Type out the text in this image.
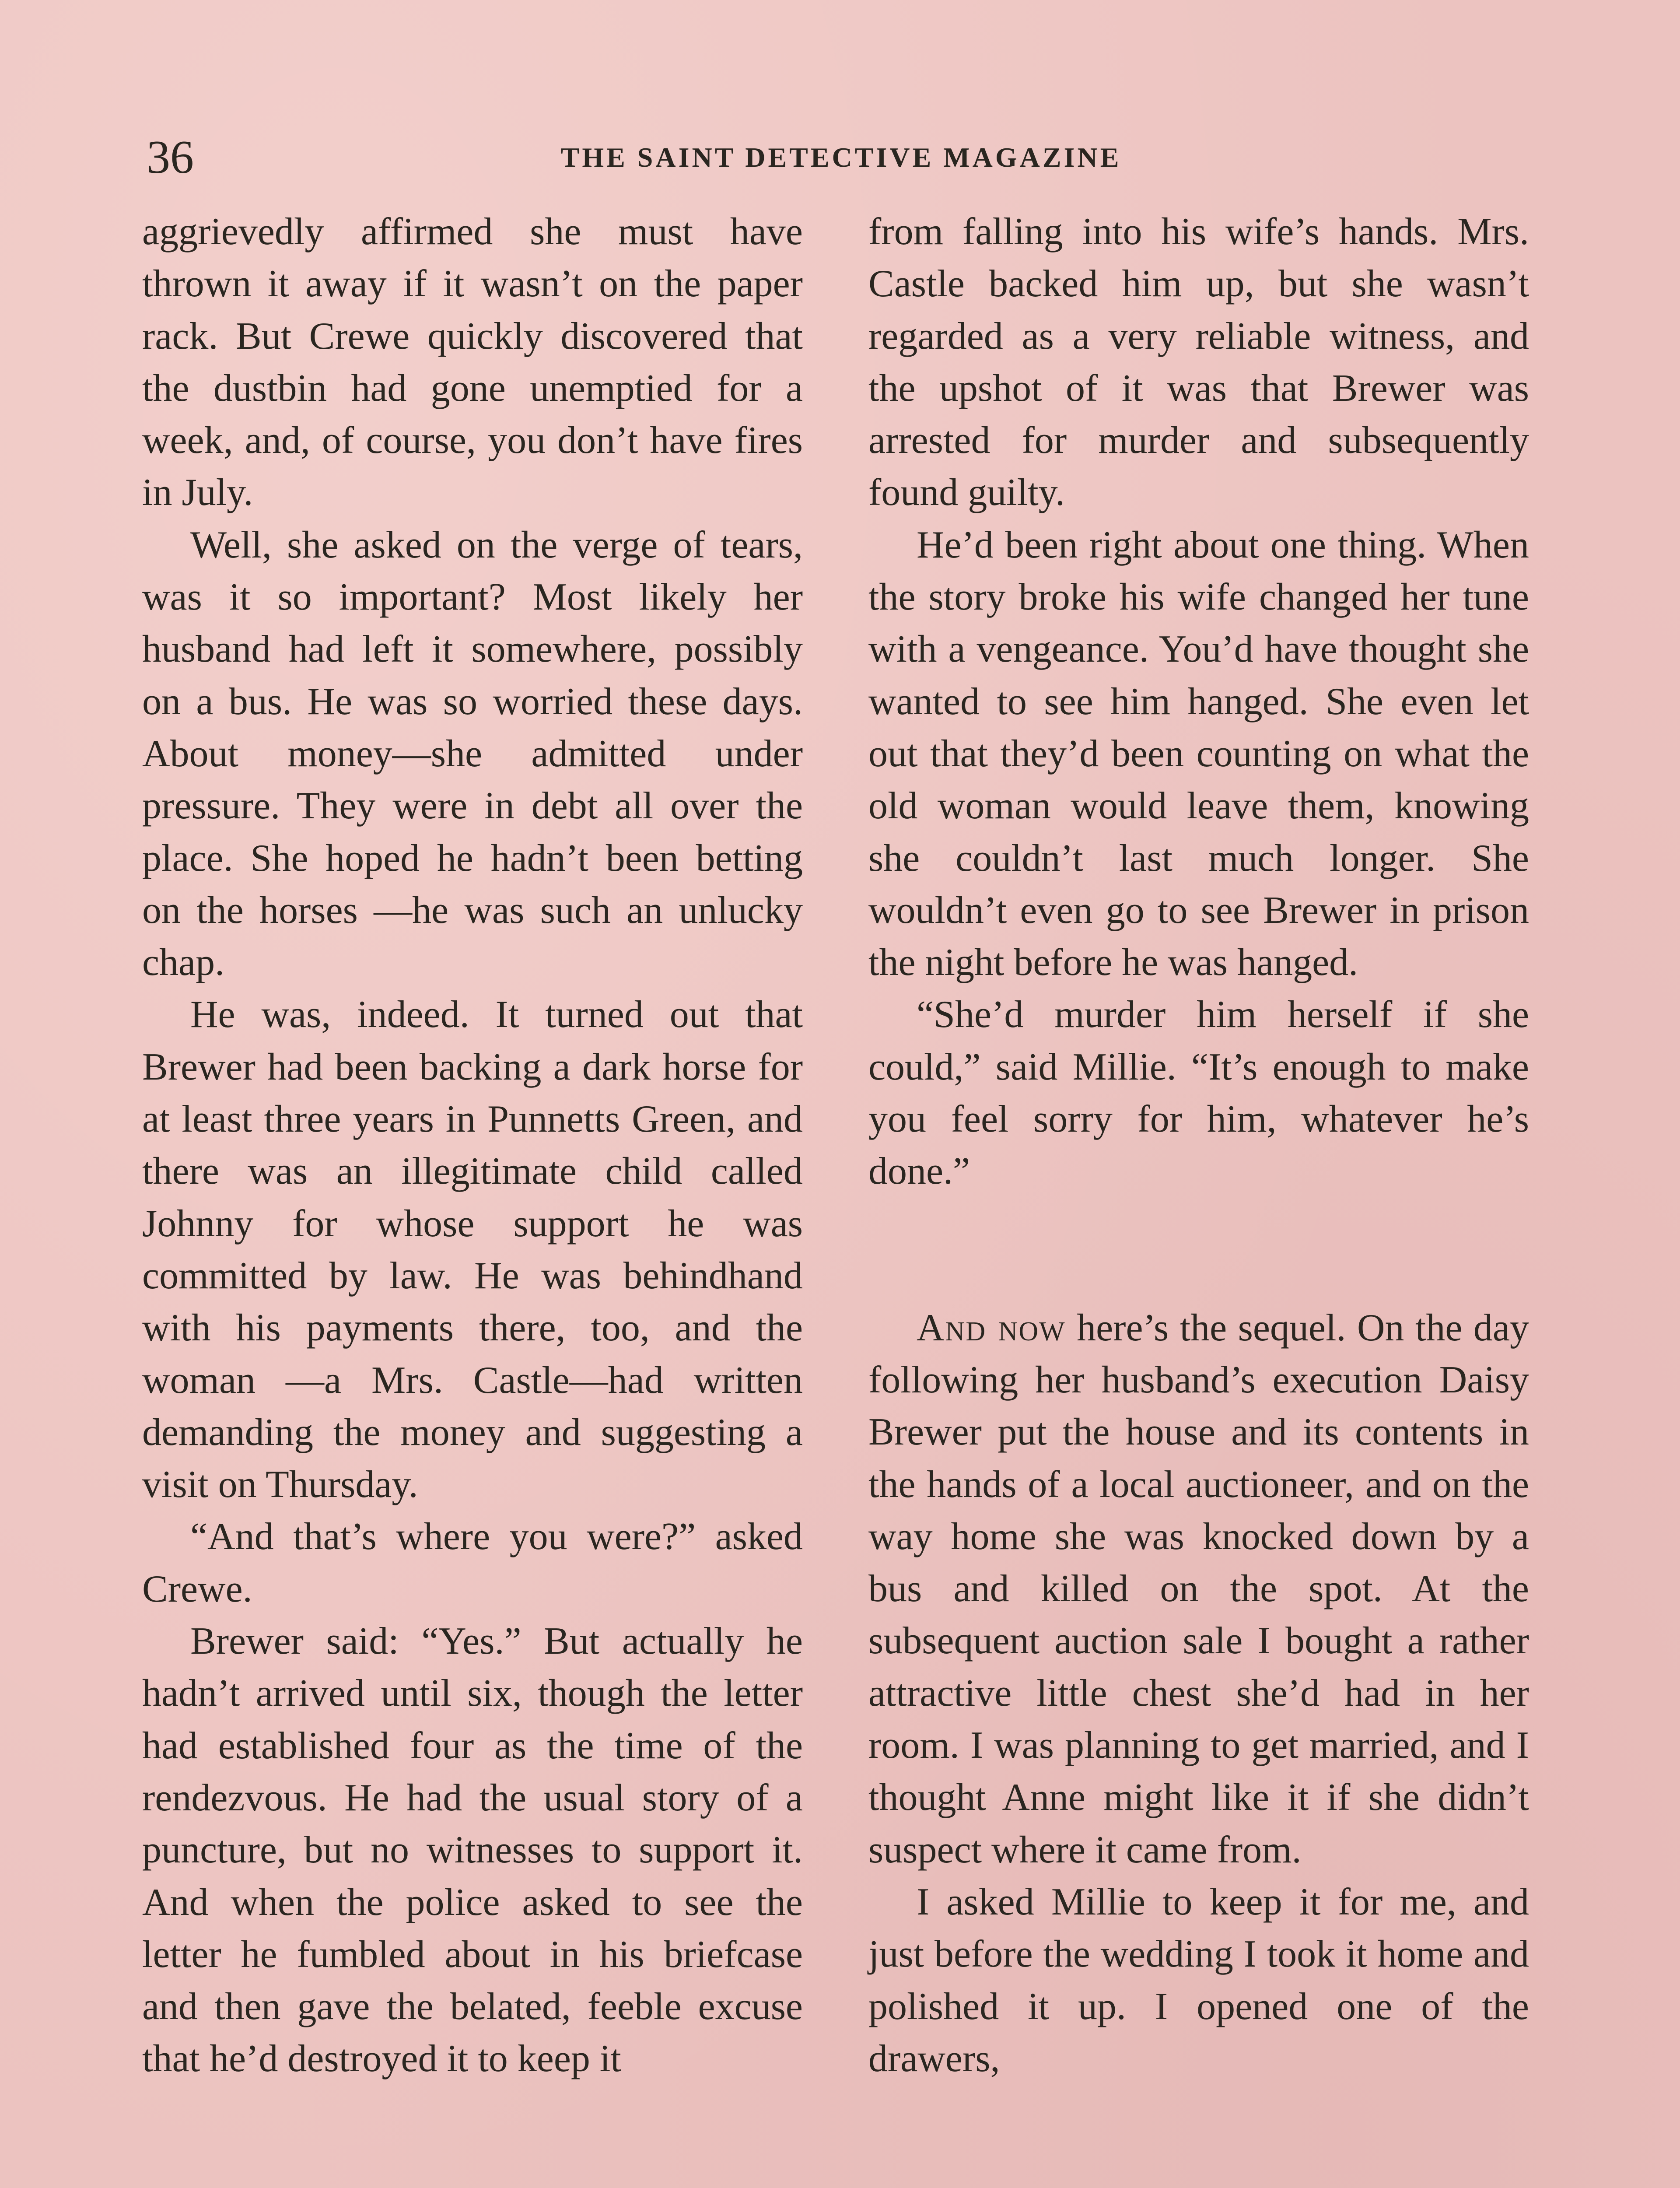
36	THE SAINT DETECTIVE MAGAZINE

aggrievedly affirmed she must have thrown it away if it wasn’t on the paper rack. But Crewe quickly discovered that the dustbin had gone unemptied for a week, and, of course, you don’t have fires in July.

Well, she asked on the verge of tears, was it so important? Most likely her husband had left it somewhere, possibly on a bus. He was so worried these days. About money—she admitted under pressure. They were in debt all over the place. She hoped he hadn’t been betting on the horses —he was such an unlucky chap.

He was, indeed. It turned out that Brewer had been backing a dark horse for at least three years in Punnetts Green, and there was an illegitimate child called Johnny for whose support he was committed by law. He was behindhand with his payments there, too, and the woman —a Mrs. Castle—had written demanding the money and suggesting a visit on Thursday.

“And that’s where you were?” asked Crewe.

Brewer said: “Yes.” But actually he hadn’t arrived until six, though the letter had established four as the time of the rendezvous. He had the usual story of a puncture, but no witnesses to support it. And when the police asked to see the letter he fumbled about in his briefcase and then gave the belated, feeble excuse that he’d destroyed it to keep it

from falling into his wife’s hands. Mrs. Castle backed him up, but she wasn’t regarded as a very reliable witness, and the upshot of it was that Brewer was arrested for murder and subsequently found guilty.

He’d been right about one thing. When the story broke his wife changed her tune with a vengeance. You’d have thought she wanted to see him hanged. She even let out that they’d been counting on what the old woman would leave them, knowing she couldn’t last much longer. She wouldn’t even go to see Brewer in prison the night before he was hanged.

“She’d murder him herself if she could,” said Millie. “It’s enough to make you feel sorry for him, whatever he’s done.”

And now here’s the sequel. On the day following her husband’s execution Daisy Brewer put the house and its contents in the hands of a local auctioneer, and on the way home she was knocked down by a bus and killed on the spot. At the subsequent auction sale I bought a rather attractive little chest she’d had in her room. I was planning to get married, and I thought Anne might like it if she didn’t suspect where it came from.

I asked Millie to keep it for me, and just before the wedding I took it home and polished it up. I opened one of the drawers,
